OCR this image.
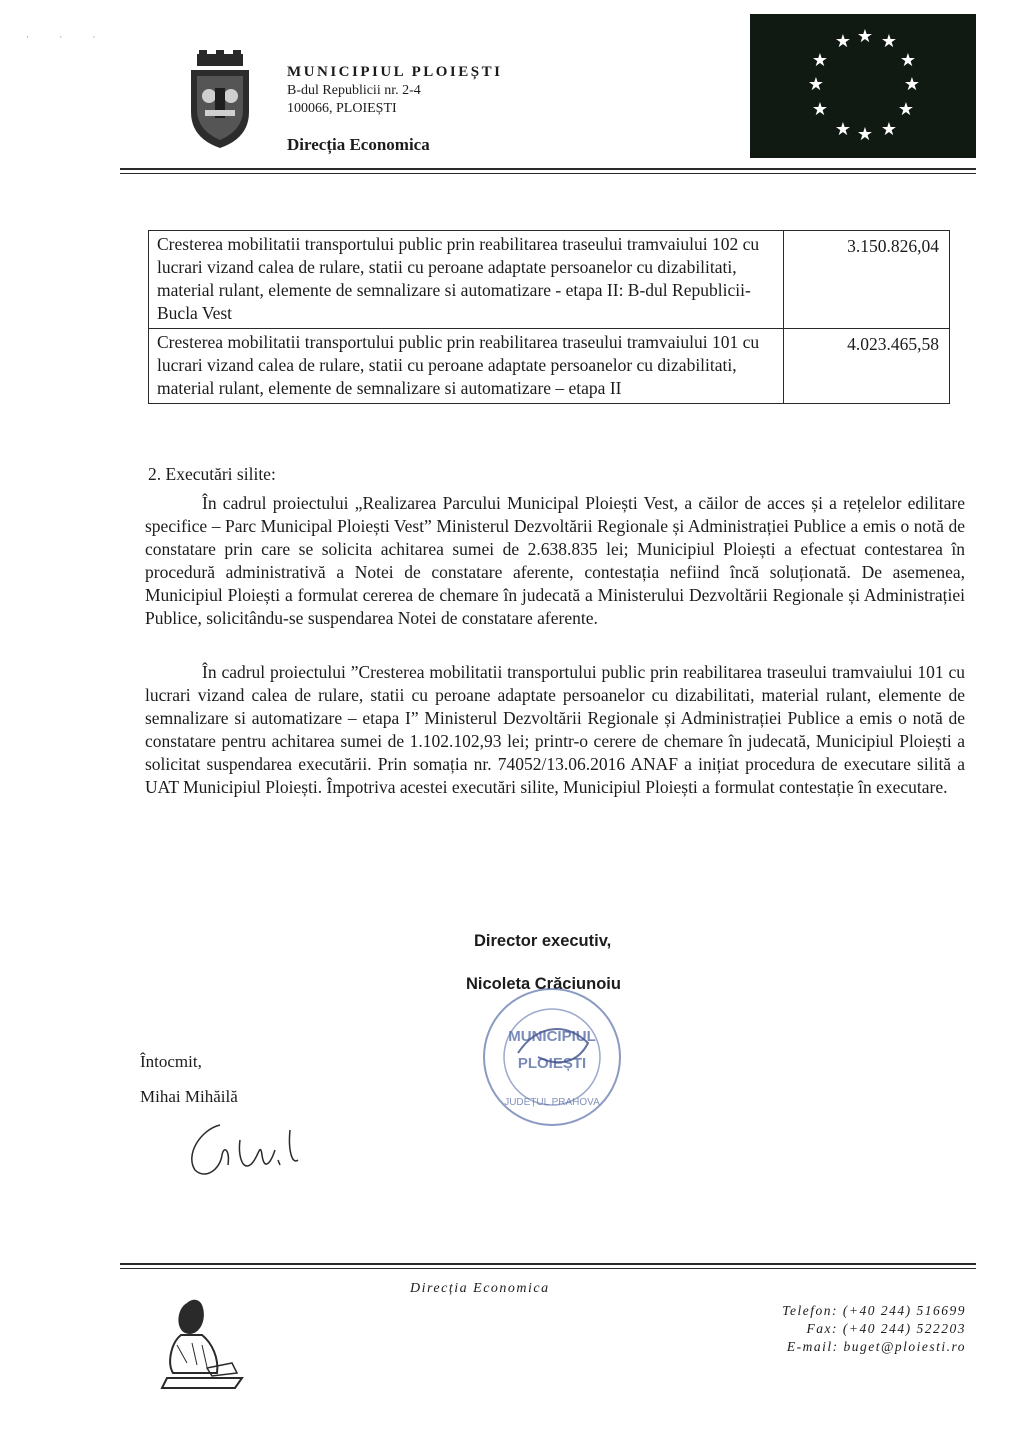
· · ·
MUNICIPIUL PLOIEȘTI
B-dul Republicii nr. 2-4
100066, PLOIEȘTI
Direcția Economica
★ ★ ★
★	★
★	★
★	★
★ ★ ★
Cresterea mobilitatii transportului public prin reabilitarea traseului tramvaiului 102 cu lucrari vizand calea de rulare, statii cu peroane adaptate persoanelor cu dizabilitati, material rulant, elemente de semnalizare si automatizare - etapa II: B-dul Republicii- Bucla Vest	3.150.826,04
Cresterea mobilitatii transportului public prin reabilitarea traseului tramvaiului 101 cu lucrari vizand calea de rulare, statii cu peroane adaptate persoanelor cu dizabilitati, material rulant, elemente de semnalizare si automatizare – etapa II	4.023.465,58
2. Executări silite:

În cadrul proiectului „Realizarea Parcului Municipal Ploiești Vest, a căilor de acces și a rețelelor edilitare specifice – Parc Municipal Ploiești Vest” Ministerul Dezvoltării Regionale și Administrației Publice a emis o notă de constatare prin care se solicita achitarea sumei de 2.638.835 lei; Municipiul Ploiești a efectuat contestarea în procedură administrativă a Notei de constatare aferente, contestația nefiind încă soluționată. De asemenea, Municipiul Ploiești a formulat cererea de chemare în judecată a Ministerului Dezvoltării Regionale și Administrației Publice, solicitându-se suspendarea Notei de constatare aferente.

În cadrul proiectului ”Cresterea mobilitatii transportului public prin reabilitarea traseului tramvaiului 101 cu lucrari vizand calea de rulare, statii cu peroane adaptate persoanelor cu dizabilitati, material rulant, elemente de semnalizare si automatizare – etapa I” Ministerul Dezvoltării Regionale și Administrației Publice a emis o notă de constatare pentru achitarea sumei de 1.102.102,93 lei; printr-o cerere de chemare în judecată, Municipiul Ploiești a solicitat suspendarea executării. Prin somația nr. 74052/13.06.2016 ANAF a inițiat procedura de executare silită a UAT Municipiul Ploiești. Împotriva acestei executări silite, Municipiul Ploiești a formulat contestație în executare.

Director executiv,
Nicoleta Crăciunoiu
MUNICIPIUL
PLOIEȘTI
JUDEȚUL PRAHOVA
Întocmit,
Mihai Mihăilă
Direcția Economica
Telefon: (+40 244) 516699
Fax: (+40 244) 522203
E-mail: buget@ploiesti.ro
